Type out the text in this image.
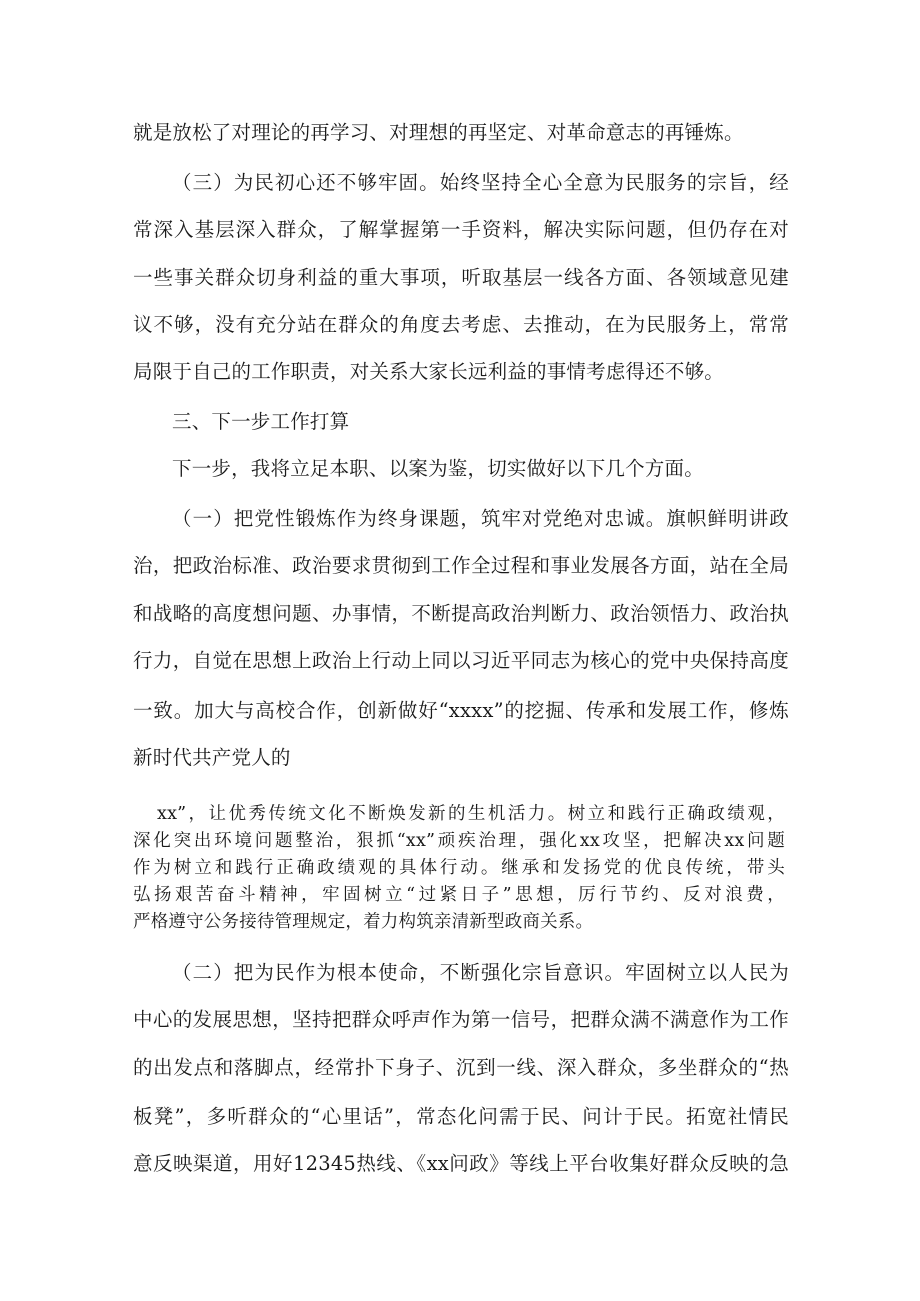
就是放松了对理论的再学习、对理想的再坚定、对革命意志的再锤炼。
（三）为民初心还不够牢固。始终坚持全心全意为民服务的宗旨，经
常深入基层深入群众，了解掌握第一手资料，解决实际问题，但仍存在对
一些事关群众切身利益的重大事项，听取基层一线各方面、各领域意见建
议不够，没有充分站在群众的角度去考虑、去推动，在为民服务上，常常
局限于自己的工作职责，对关系大家长远利益的事情考虑得还不够。
三、下一步工作打算
下一步，我将立足本职、以案为鉴，切实做好以下几个方面。
（一）把党性锻炼作为终身课题，筑牢对党绝对忠诚。旗帜鲜明讲政
治，把政治标准、政治要求贯彻到工作全过程和事业发展各方面，站在全局
和战略的高度想问题、办事情，不断提高政治判断力、政治领悟力、政治执
行力，自觉在思想上政治上行动上同以习近平同志为核心的党中央保持高度
一致。加大与高校合作，创新做好“xxxx”的挖掘、传承和发展工作，修炼
新时代共产党人的
xx”，让优秀传统文化不断焕发新的生机活力。树立和践行正确政绩观，
深化突出环境问题整治，狠抓“xx”顽疾治理，强化xx攻坚，把解决xx问题
作为树立和践行正确政绩观的具体行动。继承和发扬党的优良传统，带头
弘扬艰苦奋斗精神，牢固树立“过紧日子”思想，厉行节约、反对浪费，
严格遵守公务接待管理规定，着力构筑亲清新型政商关系。
（二）把为民作为根本使命，不断强化宗旨意识。牢固树立以人民为
中心的发展思想，坚持把群众呼声作为第一信号，把群众满不满意作为工作
的出发点和落脚点，经常扑下身子、沉到一线、深入群众，多坐群众的“热
板凳”，多听群众的“心里话”，常态化问需于民、问计于民。拓宽社情民
意反映渠道，用好12345热线、《xx问政》等线上平台收集好群众反映的急
